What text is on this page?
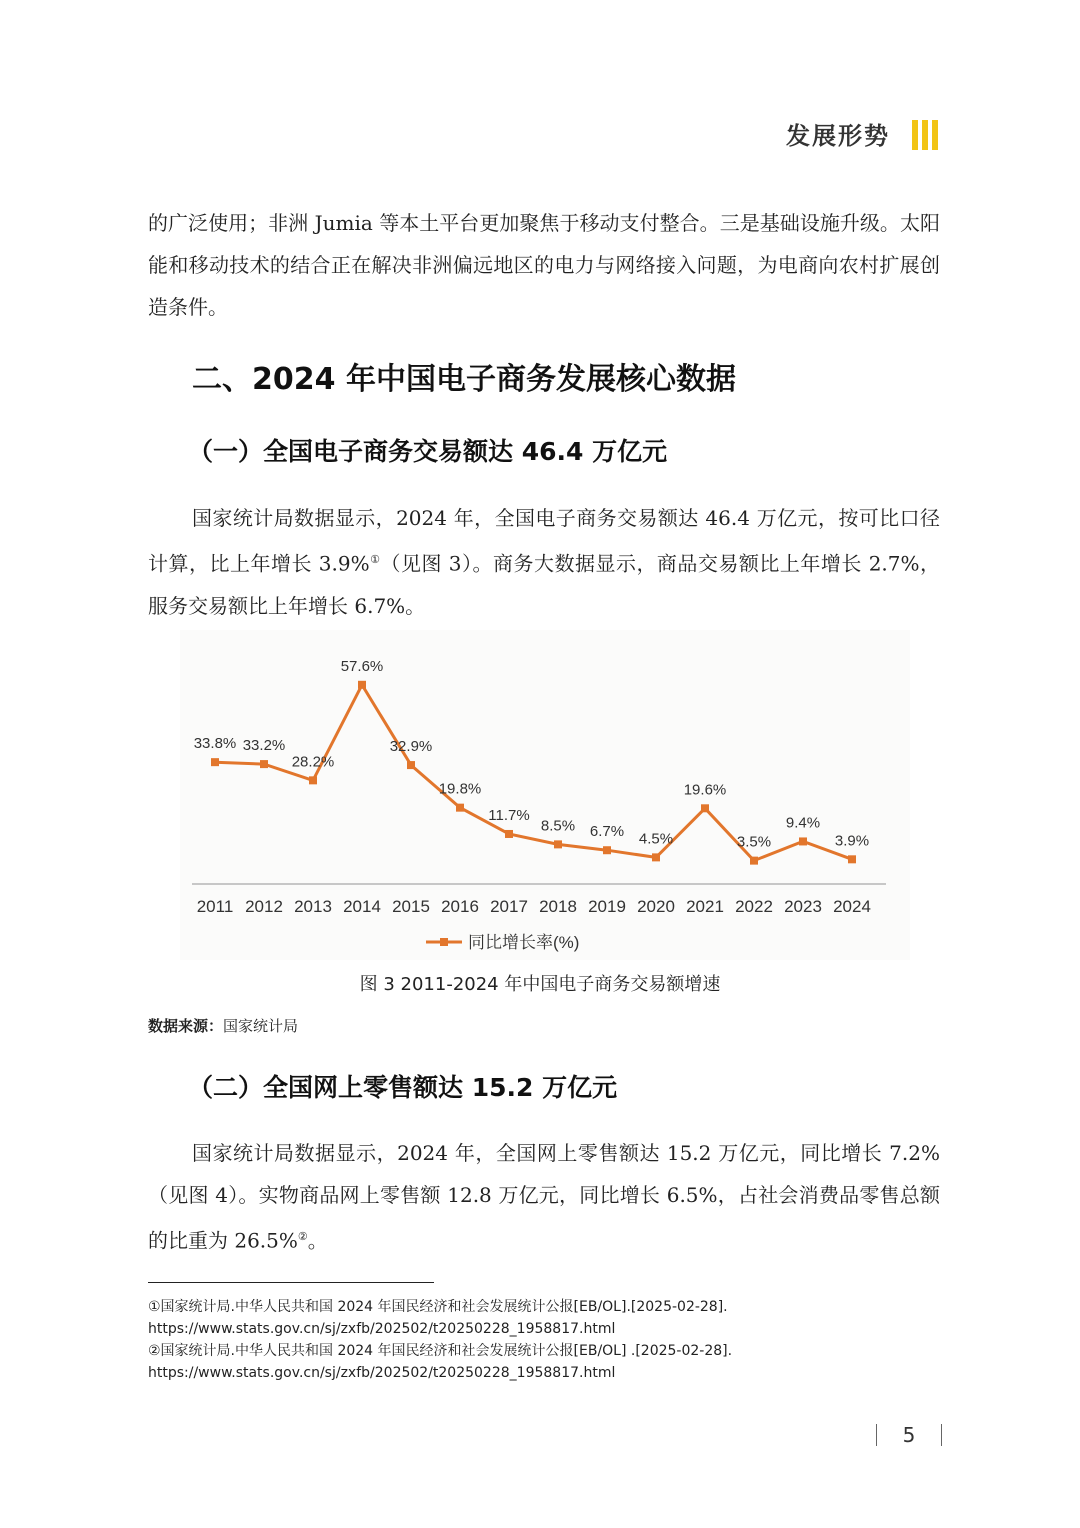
发展形势

的广泛使用；非洲 Jumia 等本土平台更加聚焦于移动支付整合。三是基础设施升级。太阳能和移动技术的结合正在解决非洲偏远地区的电力与网络接入问题，为电商向农村扩展创造条件。

二、2024 年中国电子商务发展核心数据
（一）全国电子商务交易额达 46.4 万亿元

国家统计局数据显示，2024 年，全国电子商务交易额达 46.4 万亿元，按可比口径计算，比上年增长 3.9%①（见图 3）。商务大数据显示，商品交易额比上年增长 2.7%，服务交易额比上年增长 6.7%。

33.8% 33.2%
28.2%
57.6%
32.9%
19.8%
11.7%
8.5% 6.7% 4.5%
19.6%
3.5%
9.4%
3.9%
2011 2012 2013 2014 2015 2016 2017 2018 2019 2020 2021 2022 2023 2024
同比增长率(%)
图 3 2011-2024 年中国电子商务交易额增速
数据来源：国家统计局
（二）全国网上零售额达 15.2 万亿元

国家统计局数据显示，2024 年，全国网上零售额达 15.2 万亿元，同比增长 7.2%（见图 4）。实物商品网上零售额 12.8 万亿元，同比增长 6.5%，占社会消费品零售总额的比重为 26.5%②。

①国家统计局.中华人民共和国 2024 年国民经济和社会发展统计公报[EB/OL].[2025-02-28].
https://www.stats.gov.cn/sj/zxfb/202502/t20250228_1958817.html
②国家统计局.中华人民共和国 2024 年国民经济和社会发展统计公报[EB/OL] .[2025-02-28].
https://www.stats.gov.cn/sj/zxfb/202502/t20250228_1958817.html
5
